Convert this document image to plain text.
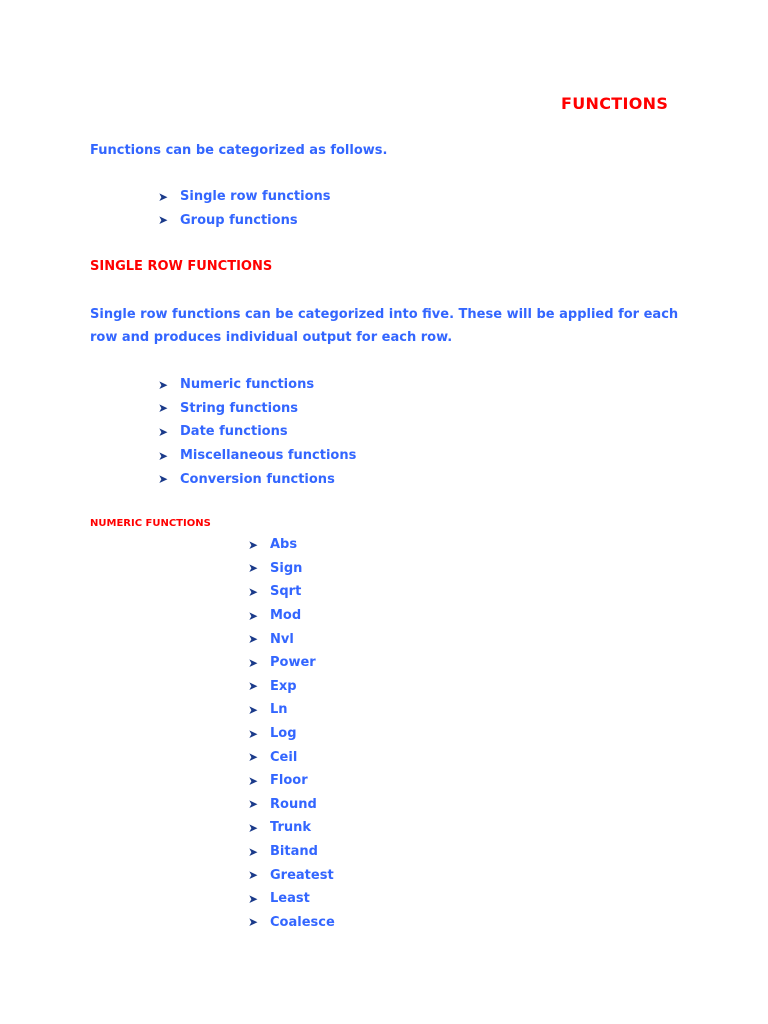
FUNCTIONS
Functions can be categorized as follows.
➤ Single row functions
➤ Group functions
SINGLE ROW FUNCTIONS
Single row functions can be categorized into five. These will be applied for each
row and produces individual output for each row.
➤ Numeric functions
➤ String functions
➤ Date functions
➤ Miscellaneous functions
➤ Conversion functions
NUMERIC FUNCTIONS
➤ Abs
➤ Sign
➤ Sqrt
➤ Mod
➤ Nvl
➤ Power
➤ Exp
➤ Ln
➤ Log
➤ Ceil
➤ Floor
➤ Round
➤ Trunk
➤ Bitand
➤ Greatest
➤ Least
➤ Coalesce
